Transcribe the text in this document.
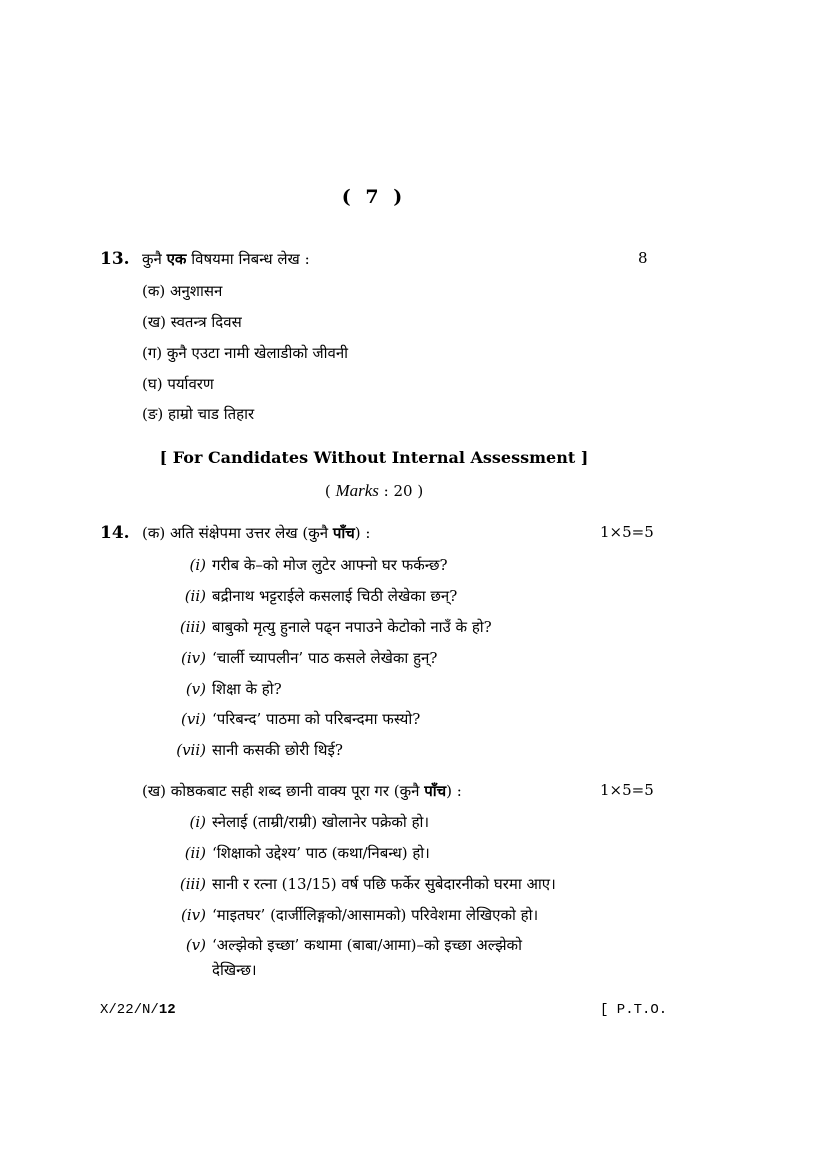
( 7 )
13. कुनै एक विषयमा निबन्ध लेख :	8
(क) अनुशासन
(ख) स्वतन्त्र दिवस
(ग) कुनै एउटा नामी खेलाडीको जीवनी
(घ) पर्यावरण
(ङ) हाम्रो चाड तिहार
[ For Candidates Without Internal Assessment ]
( Marks : 20 )
14. (क) अति संक्षेपमा उत्तर लेख (कुनै पाँच) :	1×5=5
(i) गरीब के–को मोज लुटेर आफ्नो घर फर्कन्छ?
(ii) बद्रीनाथ भट्टराईले कसलाई चिठी लेखेका छन्?
(iii) बाबुको मृत्यु हुनाले पढ्न नपाउने केटोको नाउँ के हो?
(iv) ‘चार्ली च्यापलीन’ पाठ कसले लेखेका हुन्?
(v) शिक्षा के हो?
(vi) ‘परिबन्द’ पाठमा को परिबन्दमा फस्यो?
(vii) सानी कसकी छोरी थिई?
(ख) कोष्ठकबाट सही शब्द छानी वाक्य पूरा गर (कुनै पाँच) :	1×5=5
(i) स्नेलाई (ताम्री/राम्री) खोलानेर पक्रेको हो।
(ii) ‘शिक्षाको उद्देश्य’ पाठ (कथा/निबन्ध) हो।
(iii) सानी र रत्ना (13/15) वर्ष पछि फर्केर सुबेदारनीको घरमा आए।
(iv) ‘माइतघर’ (दार्जीलिङ्गको/आसामको) परिवेशमा लेखिएको हो।
(v) ‘अल्झेको इच्छा’ कथामा (बाबा/आमा)–को इच्छा अल्झेको
देखिन्छ।
X/22/N/12	[ P.T.O.
